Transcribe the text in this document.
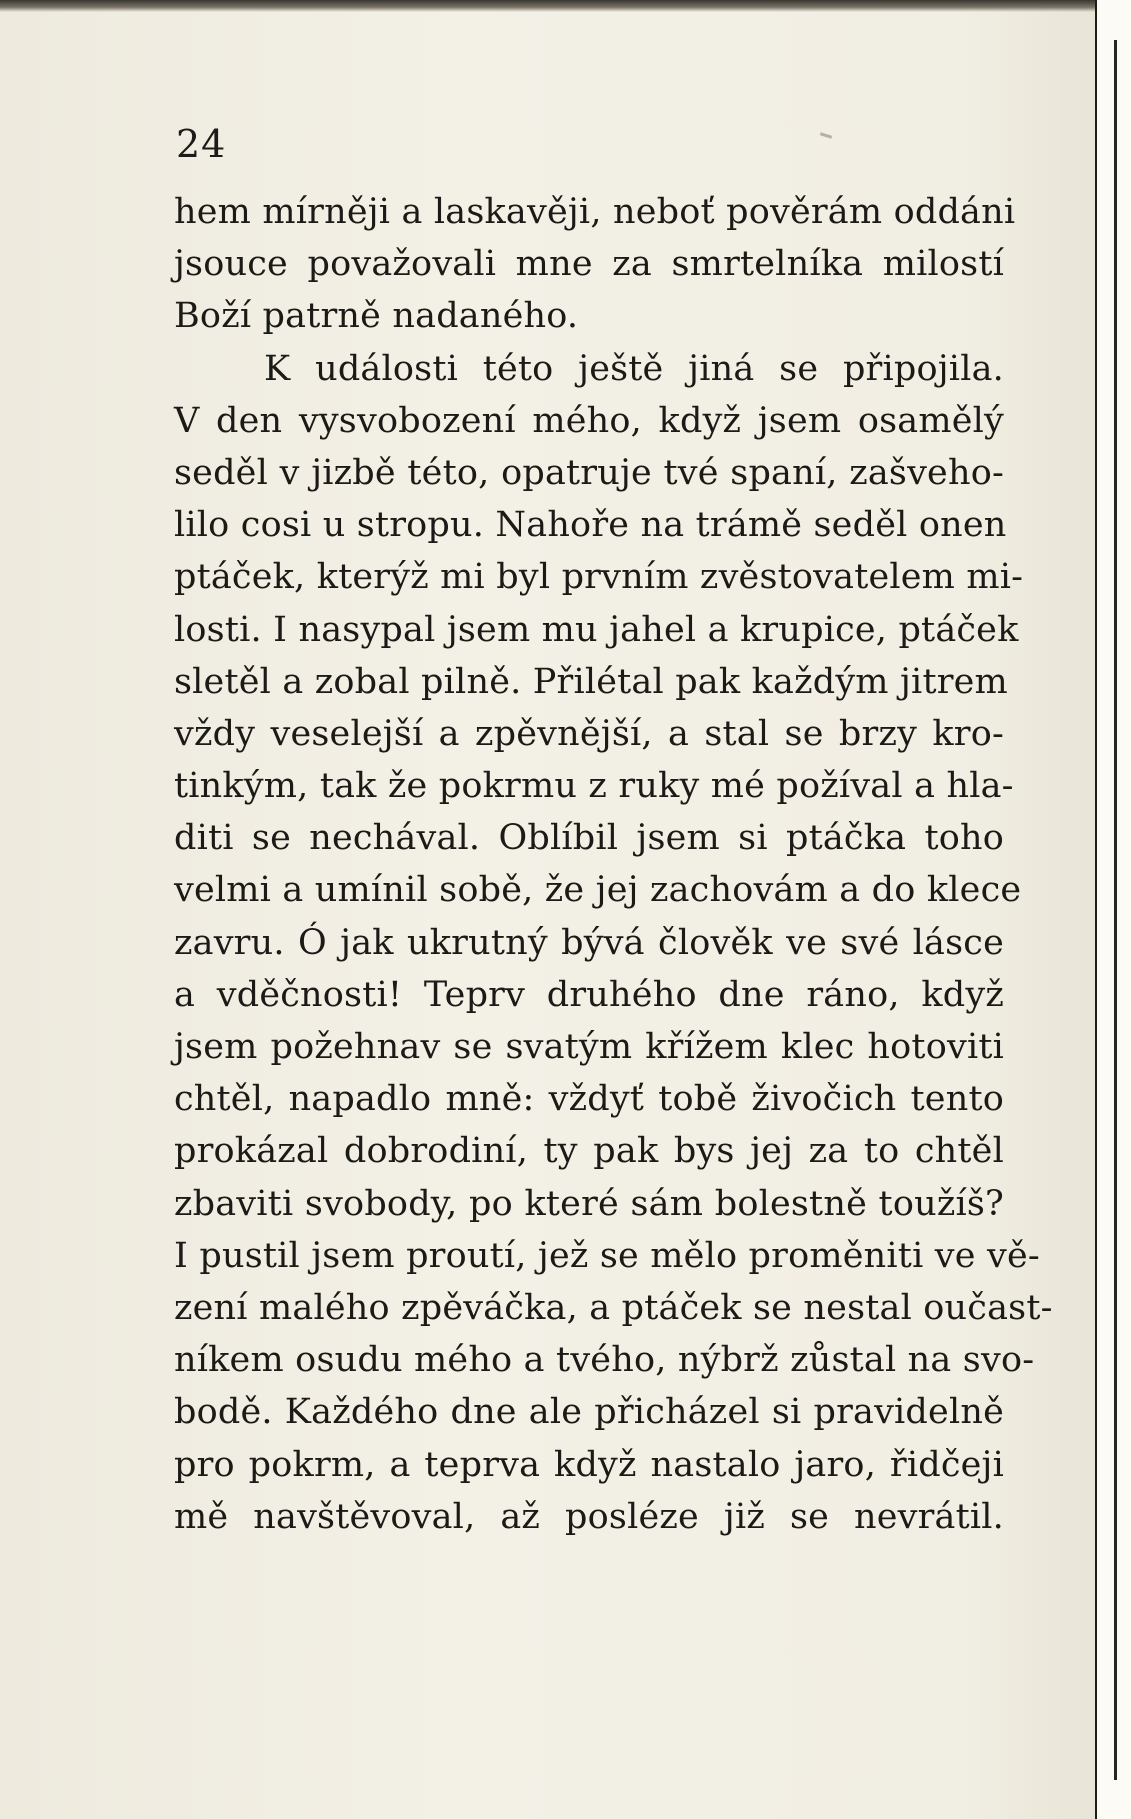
24
hem mírněji a laskavěji, neboť pověrám oddáni
jsouce považovali mne za smrtelníka milostí
Boží patrně nadaného.
K události této ještě jiná se připojila.
V den vysvobození mého, když jsem osamělý
seděl v jizbě této, opatruje tvé spaní, zašveho-
lilo cosi u stropu. Nahoře na trámě seděl onen
ptáček, kterýž mi byl prvním zvěstovatelem mi-
losti. I nasypal jsem mu jahel a krupice, ptáček
sletěl a zobal pilně. Přilétal pak každým jitrem
vždy veselejší a zpěvnější, a stal se brzy kro-
tinkým, tak že pokrmu z ruky mé požíval a hla-
diti se nechával. Oblíbil jsem si ptáčka toho
velmi a umínil sobě, že jej zachovám a do klece
zavru. Ó jak ukrutný bývá člověk ve své lásce
a vděčnosti! Teprv druhého dne ráno, když
jsem požehnav se svatým křížem klec hotoviti
chtěl, napadlo mně: vždyť tobě živočich tento
prokázal dobrodiní, ty pak bys jej za to chtěl
zbaviti svobody, po které sám bolestně toužíš?
I pustil jsem proutí, jež se mělo proměniti ve vě-
zení malého zpěváčka, a ptáček se nestal oučast-
níkem osudu mého a tvého, nýbrž zůstal na svo-
bodě. Každého dne ale přicházel si pravidelně
pro pokrm, a teprva když nastalo jaro, řidčeji
mě navštěvoval, až posléze již se nevrátil.
